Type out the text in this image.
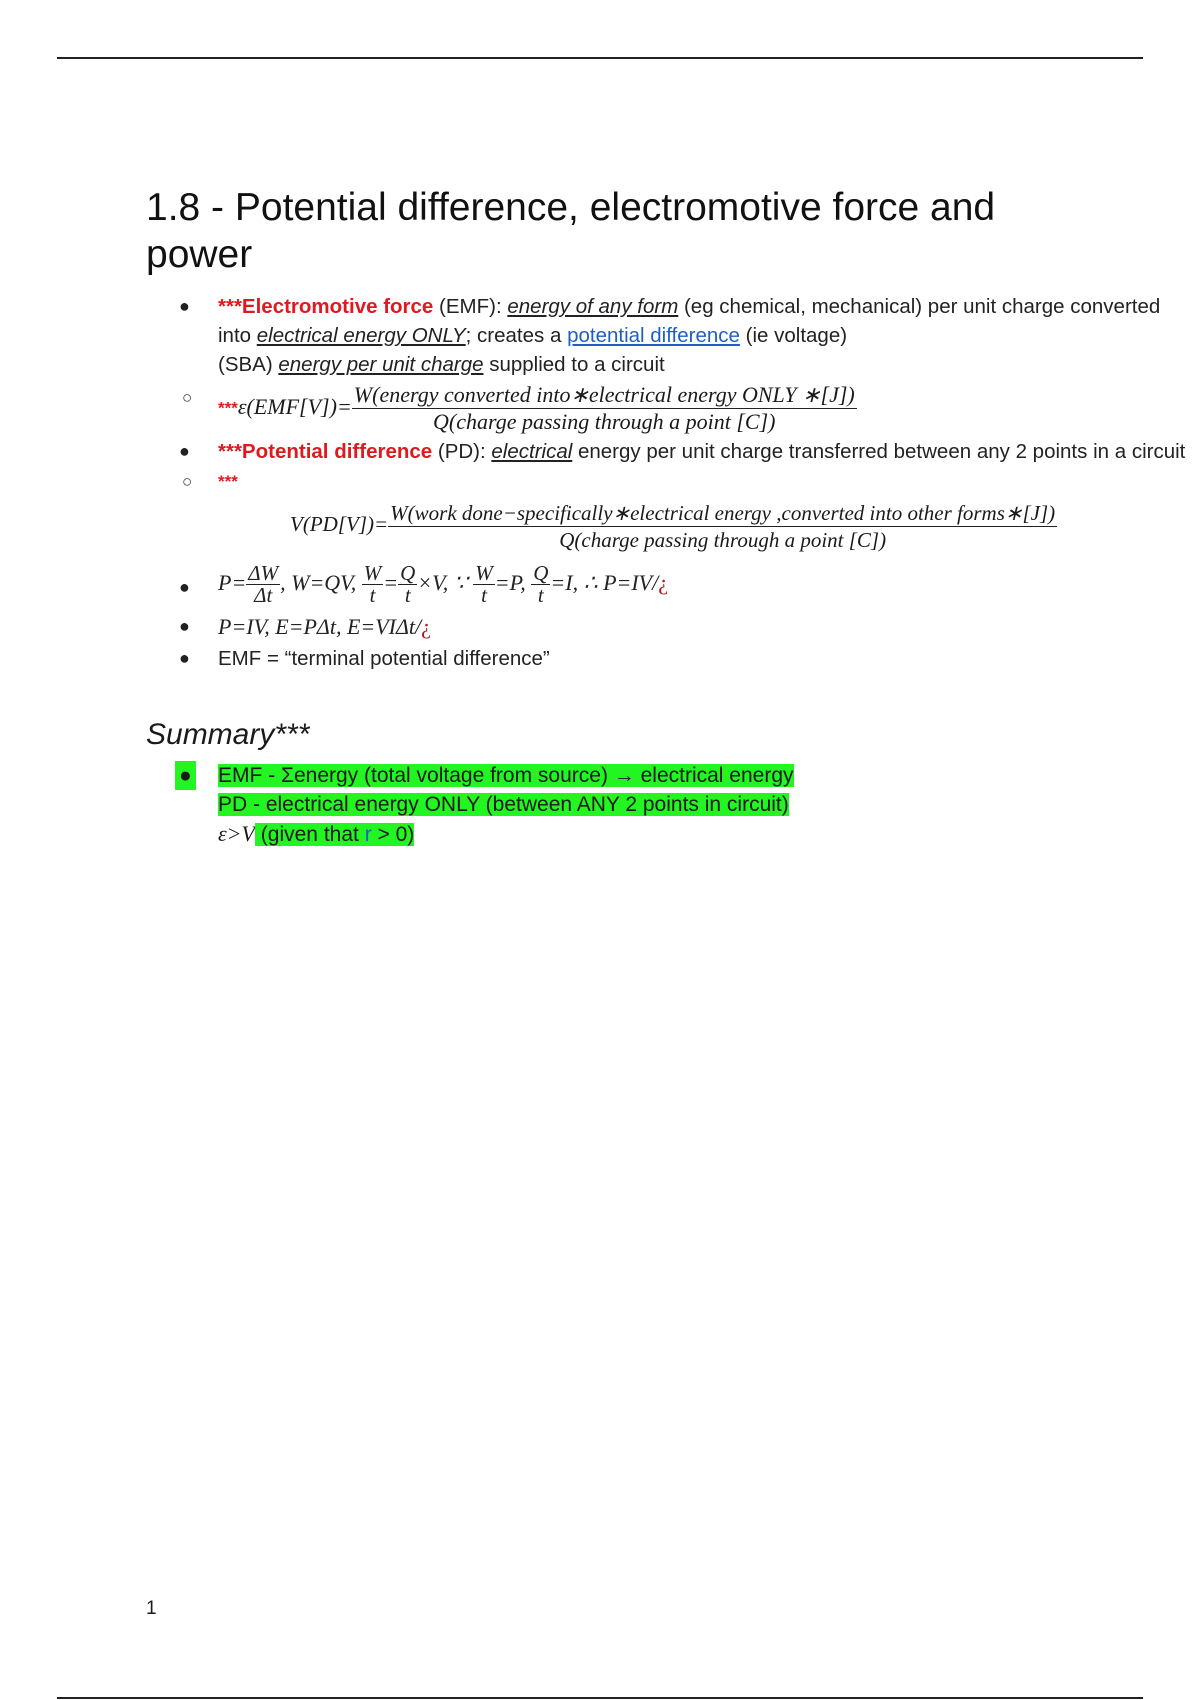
1.8 - Potential difference, electromotive force and power
● ***Electromotive force (EMF): energy of any form (eg chemical, mechanical) per unit charge converted into electrical energy ONLY; creates a potential difference (ie voltage)
(SBA) energy per unit charge supplied to a circuit
○
$***\varepsilon(EMF[V])= \frac{\text{W(energy converted into∗electrical energy ONLY ∗[J])}}{\text{Q(charge passing through a point [C])}}$
● ***Potential difference (PD): electrical energy per unit charge transferred between any 2 points in a circuit
○ ***
V(PD[V])= W(work done−specifically∗electrical energy ,converted into other forms∗[J])
Q(charge passing through a point [C])
● $P= \frac{\Delta W}{\Delta t}$ , W=QV, $\frac{W}{t} = \frac{Q}{t} \times V$, ∵ $\frac{W}{t} =P$, $\frac{Q}{t} =I$, ∴ P=IV/¿
● P=IV, E=PΔt, E=VIΔt/¿
● EMF = “terminal potential difference”
Summary***
● EMF - Σenergy (total voltage from source) → electrical energy
PD - electrical energy ONLY (between ANY 2 points in circuit)
ε>V (given that r > 0)
1
